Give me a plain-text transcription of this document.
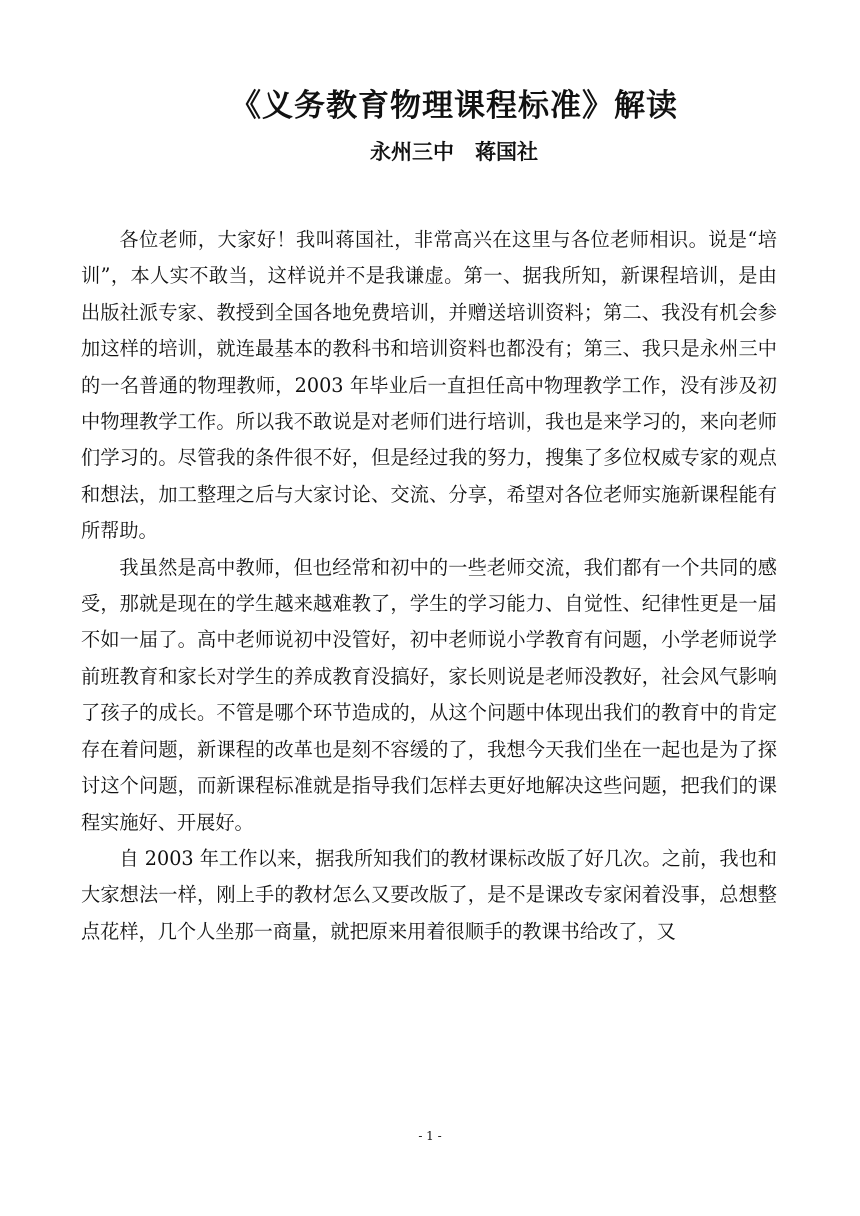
《义务教育物理课程标准》解读
永州三中　蒋国社

各位老师，大家好！我叫蒋国社，非常高兴在这里与各位老师相识。说是“培训”，本人实不敢当，这样说并不是我谦虚。第一、据我所知，新课程培训，是由出版社派专家、教授到全国各地免费培训，并赠送培训资料；第二、我没有机会参加这样的培训，就连最基本的教科书和培训资料也都没有；第三、我只是永州三中的一名普通的物理教师，2003 年毕业后一直担任高中物理教学工作，没有涉及初中物理教学工作。所以我不敢说是对老师们进行培训，我也是来学习的，来向老师们学习的。尽管我的条件很不好，但是经过我的努力，搜集了多位权威专家的观点和想法，加工整理之后与大家讨论、交流、分享，希望对各位老师实施新课程能有所帮助。

我虽然是高中教师，但也经常和初中的一些老师交流，我们都有一个共同的感受，那就是现在的学生越来越难教了，学生的学习能力、自觉性、纪律性更是一届不如一届了。高中老师说初中没管好，初中老师说小学教育有问题，小学老师说学前班教育和家长对学生的养成教育没搞好，家长则说是老师没教好，社会风气影响了孩子的成长。不管是哪个环节造成的，从这个问题中体现出我们的教育中的肯定存在着问题，新课程的改革也是刻不容缓的了，我想今天我们坐在一起也是为了探讨这个问题，而新课程标准就是指导我们怎样去更好地解决这些问题，把我们的课程实施好、开展好。

自 2003 年工作以来，据我所知我们的教材课标改版了好几次。之前，我也和大家想法一样，刚上手的教材怎么又要改版了，是不是课改专家闲着没事，总想整点花样，几个人坐那一商量，就把原来用着很顺手的教课书给改了，又

- 1 -
